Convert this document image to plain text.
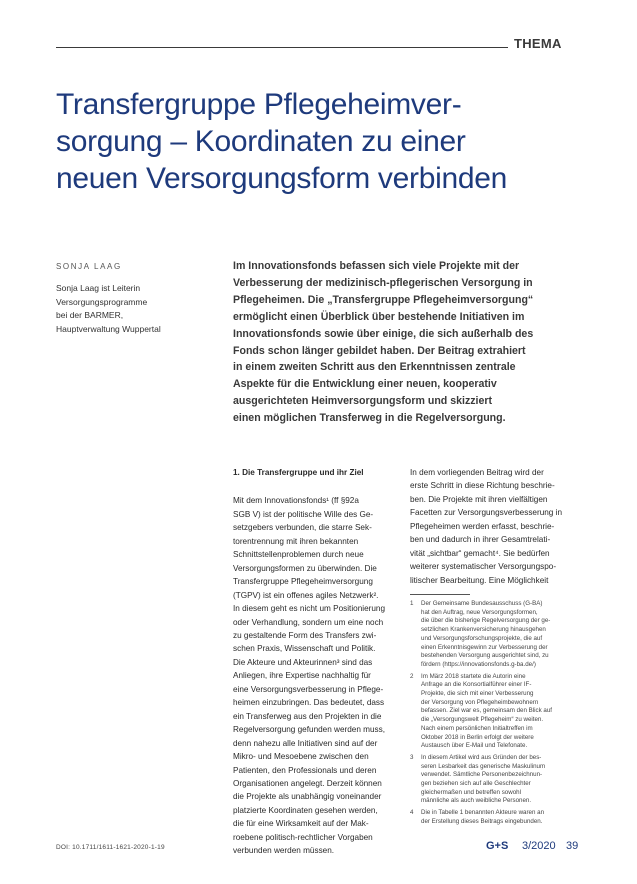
THEMA
Transfergruppe Pflegeheimver-
sorgung – Koordinaten zu einer
neuen Versorgungsform verbinden
SONJA LAAG
Sonja Laag ist Leiterin
Versorgungsprogramme
bei der BARMER,
Hauptverwaltung Wuppertal
Im Innovationsfonds befassen sich viele Projekte mit der
Verbesserung der medizinisch-pflegerischen Versorgung in
Pflegeheimen. Die „Transfergruppe Pflegeheimversorgung“
ermöglicht einen Überblick über bestehende Initiativen im
Innovationsfonds sowie über einige, die sich außerhalb des
Fonds schon länger gebildet haben. Der Beitrag extrahiert
in einem zweiten Schritt aus den Erkenntnissen zentrale
Aspekte für die Entwicklung einer neuen, kooperativ
ausgerichteten Heimversorgungsform und skizziert
einen möglichen Transferweg in die Regelversorgung.
1. Die Transfergruppe und ihr Ziel
Mit dem Innovationsfonds¹ (ff §92a
SGB V) ist der politische Wille des Ge-
setzgebers verbunden, die starre Sek-
torentrennung mit ihren bekannten
Schnittstellenproblemen durch neue
Versorgungsformen zu überwinden. Die
Transfergruppe Pflegeheimversorgung
(TGPV) ist ein offenes agiles Netzwerk².
In diesem geht es nicht um Positionierung
oder Verhandlung, sondern um eine noch
zu gestaltende Form des Transfers zwi-
schen Praxis, Wissenschaft und Politik.
Die Akteure und Akteurinnen³ sind das
Anliegen, ihre Expertise nachhaltig für
eine Versorgungsverbesserung in Pflege-
heimen einzubringen. Das bedeutet, dass
ein Transferweg aus den Projekten in die
Regelversorgung gefunden werden muss,
denn nahezu alle Initiativen sind auf der
Mikro- und Mesoebene zwischen den
Patienten, den Professionals und deren
Organisationen angelegt. Derzeit können
die Projekte als unabhängig voneinander
platzierte Koordinaten gesehen werden,
die für eine Wirksamkeit auf der Mak-
roebene politisch-rechtlicher Vorgaben
verbunden werden müssen.
In dem vorliegenden Beitrag wird der
erste Schritt in diese Richtung beschrie-
ben. Die Projekte mit ihren vielfältigen
Facetten zur Versorgungsverbesserung in
Pflegeheimen werden erfasst, beschrie-
ben und dadurch in ihrer Gesamtrelati-
vität „sichtbar“ gemacht⁴. Sie bedürfen
weiterer systematischer Versorgungspo-
litischer Bearbeitung. Eine Möglichkeit
1 Der Gemeinsame Bundesausschuss (G-BA)
hat den Auftrag, neue Versorgungsformen,
die über die bisherige Regelversorgung der ge-
setzlichen Krankenversicherung hinausgehen
und Versorgungsforschungsprojekte, die auf
einen Erkenntnisgewinn zur Verbesserung der
bestehenden Versorgung ausgerichtet sind, zu
fördern (https://innovationsfonds.g-ba.de/)
2 Im März 2018 startete die Autorin eine
Anfrage an die Konsortialführer einer IF-
Projekte, die sich mit einer Verbesserung
der Versorgung von Pflegeheimbewohnern
befassen. Ziel war es, gemeinsam den Blick auf
die „Versorgungswelt Pflegeheim“ zu weiten.
Nach einem persönlichen Initialtreffen im
Oktober 2018 in Berlin erfolgt der weitere
Austausch über E-Mail und Telefonate.
3 In diesem Artikel wird aus Gründen der bes-
seren Lesbarkeit das generische Maskulinum
verwendet. Sämtliche Personenbezeichnun-
gen beziehen sich auf alle Geschlechter
gleichermaßen und betreffen sowohl
männliche als auch weibliche Personen.
4 Die in Tabelle 1 benannten Akteure waren an
der Erstellung dieses Beitrags eingebunden.
DOI: 10.1711/1611-1621-2020-1-19	G+S 3/2020 39
